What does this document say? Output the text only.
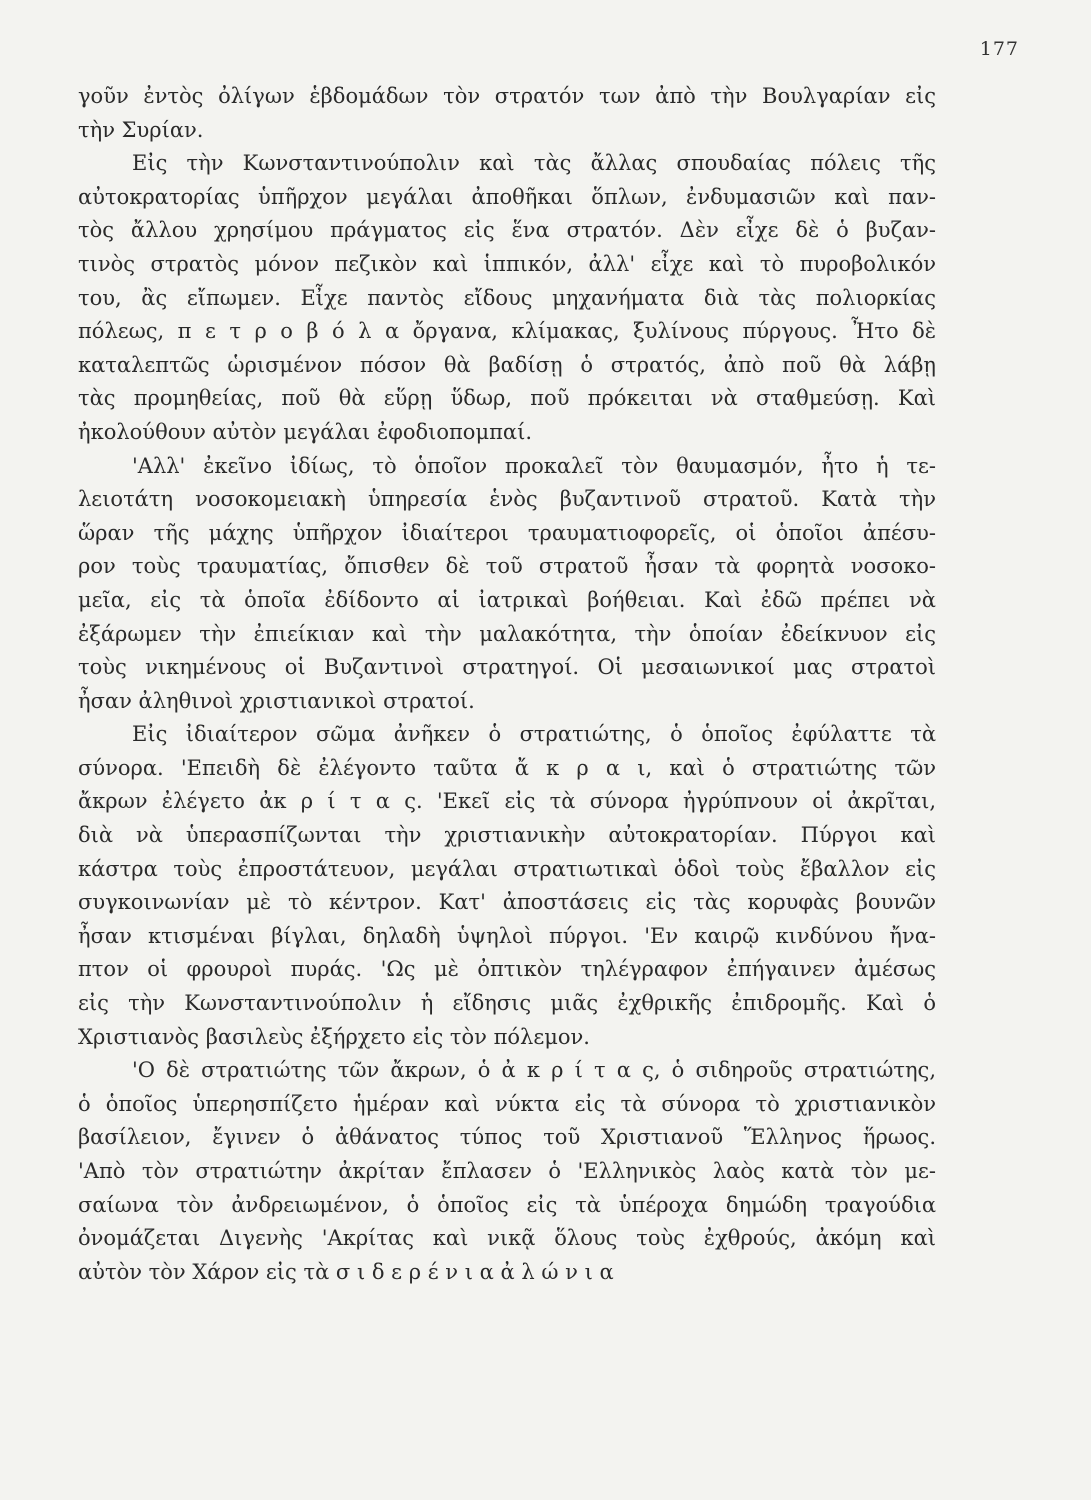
177
γοῦν ἐντὸς ὀλίγων ἑβδομάδων τὸν στρατόν των ἀπὸ τὴν Βουλγαρίαν εἰς
τὴν Συρίαν.
Εἰς τὴν Κωνσταντινούπολιν καὶ τὰς ἄλλας σπουδαίας πόλεις τῆς
αὐτοκρατορίας ὑπῆρχον μεγάλαι ἀποθῆκαι ὅπλων, ἐνδυμασιῶν καὶ παν-
τὸς ἄλλου χρησίμου πράγματος εἰς ἕνα στρατόν. Δὲν εἶχε δὲ ὁ βυζαν-
τινὸς στρατὸς μόνον πεζικὸν καὶ ἱππικόν, ἀλλ' εἶχε καὶ τὸ πυροβολικόν
του, ἂς εἴπωμεν. Εἶχε παντὸς εἴδους μηχανήματα διὰ τὰς πολιορκίας
πόλεως, π ε τ ρ ο β ό λ α ὄργανα, κλίμακας, ξυλίνους πύργους. Ἦτο δὲ
καταλεπτῶς ὡρισμένον πόσον θὰ βαδίσῃ ὁ στρατός, ἀπὸ ποῦ θὰ λάβῃ
τὰς προμηθείας, ποῦ θὰ εὕρῃ ὕδωρ, ποῦ πρόκειται νὰ σταθμεύσῃ. Καὶ
ἠκολούθουν αὐτὸν μεγάλαι ἐφοδιοπομπαί.
'Αλλ' ἐκεῖνο ἰδίως, τὸ ὁποῖον προκαλεῖ τὸν θαυμασμόν, ἦτο ἡ τε-
λειοτάτη νοσοκομειακὴ ὑπηρεσία ἑνὸς βυζαντινοῦ στρατοῦ. Κατὰ τὴν
ὥραν τῆς μάχης ὑπῆρχον ἰδιαίτεροι τραυματιοφορεῖς, οἱ ὁποῖοι ἀπέσυ-
ρον τοὺς τραυματίας, ὄπισθεν δὲ τοῦ στρατοῦ ἦσαν τὰ φορητὰ νοσοκο-
μεῖα, εἰς τὰ ὁποῖα ἐδίδοντο αἱ ἰατρικαὶ βοήθειαι. Καὶ ἐδῶ πρέπει νὰ
ἐξάρωμεν τὴν ἐπιείκιαν καὶ τὴν μαλακότητα, τὴν ὁποίαν ἐδείκνυον εἰς
τοὺς νικημένους οἱ Βυζαντινοὶ στρατηγοί. Οἱ μεσαιωνικοί μας στρατοὶ
ἦσαν ἀληθινοὶ χριστιανικοὶ στρατοί.
Εἰς ἰδιαίτερον σῶμα ἀνῆκεν ὁ στρατιώτης, ὁ ὁποῖος ἐφύλαττε τὰ
σύνορα. 'Επειδὴ δὲ ἐλέγοντο ταῦτα ἄ κ ρ α ι, καὶ ὁ στρατιώτης τῶν
ἄκρων ἐλέγετο ἀκ ρ ί τ α ς. 'Εκεῖ εἰς τὰ σύνορα ἠγρύπνουν οἱ ἀκρῖται,
διὰ νὰ ὑπερασπίζωνται τὴν χριστιανικὴν αὐτοκρατορίαν. Πύργοι καὶ
κάστρα τοὺς ἐπροστάτευον, μεγάλαι στρατιωτικαὶ ὁδοὶ τοὺς ἔβαλλον εἰς
συγκοινωνίαν μὲ τὸ κέντρον. Κατ' ἀποστάσεις εἰς τὰς κορυφὰς βουνῶν
ἦσαν κτισμέναι βίγλαι, δηλαδὴ ὑψηλοὶ πύργοι. 'Εν καιρῷ κινδύνου ἤνα-
πτον οἱ φρουροὶ πυράς. 'Ως μὲ ὀπτικὸν τηλέγραφον ἐπήγαινεν ἀμέσως
εἰς τὴν Κωνσταντινούπολιν ἡ εἴδησις μιᾶς ἐχθρικῆς ἐπιδρομῆς. Καὶ ὁ
Χριστιανὸς βασιλεὺς ἐξήρχετο εἰς τὸν πόλεμον.
'Ο δὲ στρατιώτης τῶν ἄκρων, ὁ ἀ κ ρ ί τ α ς, ὁ σιδηροῦς στρατιώτης,
ὁ ὁποῖος ὑπερησπίζετο ἡμέραν καὶ νύκτα εἰς τὰ σύνορα τὸ χριστιανικὸν
βασίλειον, ἔγινεν ὁ ἀθάνατος τύπος τοῦ Χριστιανοῦ Ἕλληνος ἥρωος.
'Απὸ τὸν στρατιώτην ἀκρίταν ἔπλασεν ὁ 'Ελληνικὸς λαὸς κατὰ τὸν με-
σαίωνα τὸν ἀνδρειωμένον, ὁ ὁποῖος εἰς τὰ ὑπέροχα δημώδη τραγούδια
ὀνομάζεται Διγενὴς 'Ακρίτας καὶ νικᾷ ὅλους τοὺς ἐχθρούς, ἀκόμη καὶ
αὐτὸν τὸν Χάρον εἰς τὰ σ ι δ ε ρ έ ν ι α ἀ λ ώ ν ι α
